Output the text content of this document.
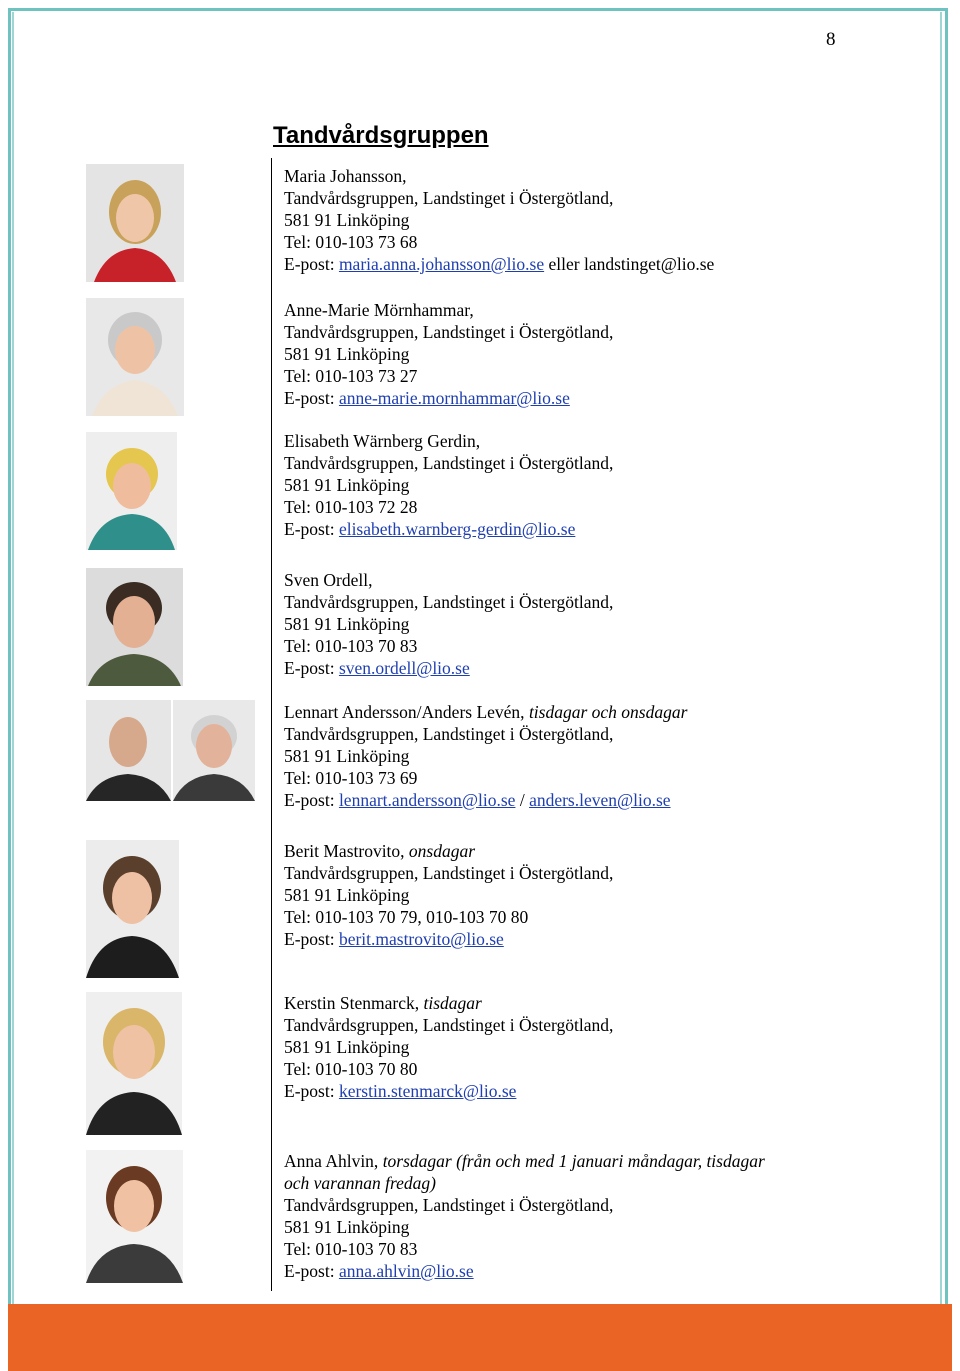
8
Tandvårdsgruppen
Maria Johansson,
Tandvårdsgruppen, Landstinget i Östergötland,
581 91 Linköping
Tel: 010-103 73 68
E-post: maria.anna.johansson@lio.se eller landstinget@lio.se
Anne-Marie Mörnhammar,
Tandvårdsgruppen, Landstinget i Östergötland,
581 91 Linköping
Tel: 010-103 73 27
E-post: anne-marie.mornhammar@lio.se
Elisabeth Wärnberg Gerdin,
Tandvårdsgruppen, Landstinget i Östergötland,
581 91 Linköping
Tel: 010-103 72 28
E-post: elisabeth.warnberg-gerdin@lio.se
Sven Ordell,
Tandvårdsgruppen, Landstinget i Östergötland,
581 91 Linköping
Tel: 010-103 70 83
E-post: sven.ordell@lio.se
Lennart Andersson/Anders Levén, tisdagar och onsdagar
Tandvårdsgruppen, Landstinget i Östergötland,
581 91 Linköping
Tel: 010-103 73 69
E-post: lennart.andersson@lio.se / anders.leven@lio.se
Berit Mastrovito, onsdagar
Tandvårdsgruppen, Landstinget i Östergötland,
581 91 Linköping
Tel: 010-103 70 79, 010-103 70 80
E-post: berit.mastrovito@lio.se
Kerstin Stenmarck, tisdagar
Tandvårdsgruppen, Landstinget i Östergötland,
581 91 Linköping
Tel: 010-103 70 80
E-post: kerstin.stenmarck@lio.se
Anna Ahlvin, torsdagar (från och med 1 januari måndagar, tisdagar
och varannan fredag)
Tandvårdsgruppen, Landstinget i Östergötland,
581 91 Linköping
Tel: 010-103 70 83
E-post: anna.ahlvin@lio.se
